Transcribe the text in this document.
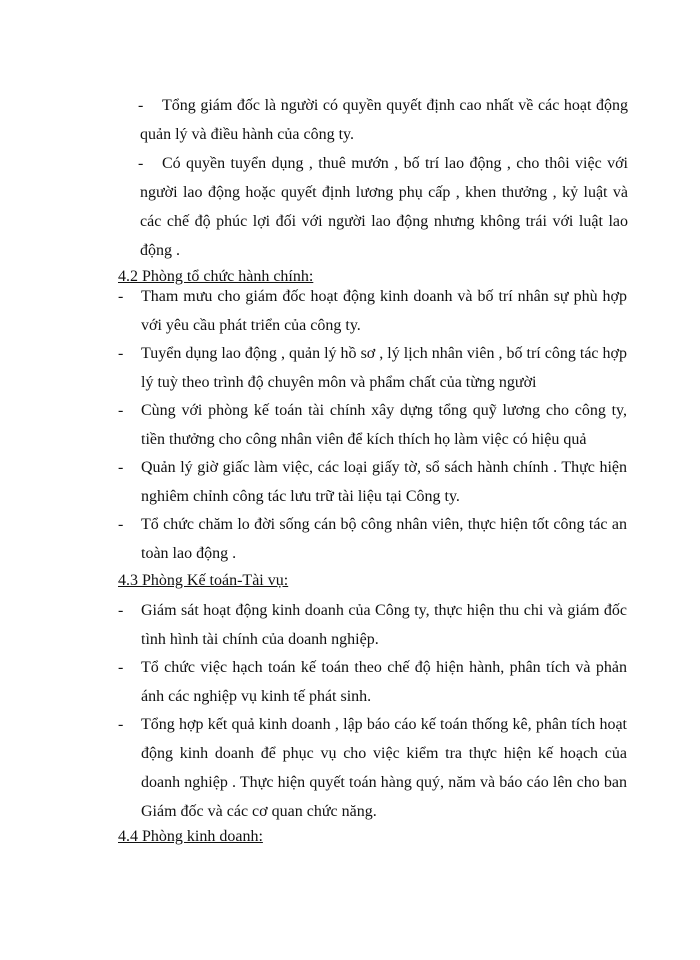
-	Tổng giám đốc là người có quyền quyết định cao nhất về các hoạt động quản lý và điều hành của công ty.
-	Có quyền tuyển dụng , thuê mướn , bố trí lao động , cho thôi việc với người lao động hoặc quyết định lương phụ cấp , khen thưởng , kỷ luật và các chế độ phúc lợi đối với người lao động nhưng không trái với luật lao động .
4.2 Phòng tổ chức hành chính:
- Tham mưu cho giám đốc hoạt động kinh doanh và bố trí nhân sự phù hợp với yêu cầu phát triển của công ty.
- Tuyển dụng lao động , quản lý hồ sơ , lý lịch nhân viên , bố trí công tác hợp lý tuỳ theo trình độ chuyên môn và phẩm chất của từng người
- Cùng với phòng kế toán tài chính xây dựng tổng quỹ lương cho công ty, tiền thưởng cho công nhân viên để kích thích họ làm việc có hiệu quả
- Quản lý giờ giấc làm việc, các loại giấy tờ, sổ sách hành chính . Thực hiện nghiêm chỉnh công tác lưu trữ tài liệu tại Công ty.
- Tổ chức chăm lo đời sống cán bộ công nhân viên, thực hiện tốt công tác an toàn lao động .
4.3 Phòng Kế toán-Tài vụ:
- Giám sát hoạt động kinh doanh của Công ty, thực hiện thu chi và giám đốc tình hình tài chính của doanh nghiệp.
- Tổ chức việc hạch toán kế toán theo chế độ hiện hành, phân tích và phản ánh các nghiệp vụ kinh tế phát sinh.
- Tổng hợp kết quả kinh doanh , lập báo cáo kế toán thống kê, phân tích hoạt động kinh doanh để phục vụ cho việc kiểm tra thực hiện kế hoạch của doanh nghiệp . Thực hiện quyết toán hàng quý, năm và báo cáo lên cho ban Giám đốc và các cơ quan chức năng.
4.4 Phòng kinh doanh:
